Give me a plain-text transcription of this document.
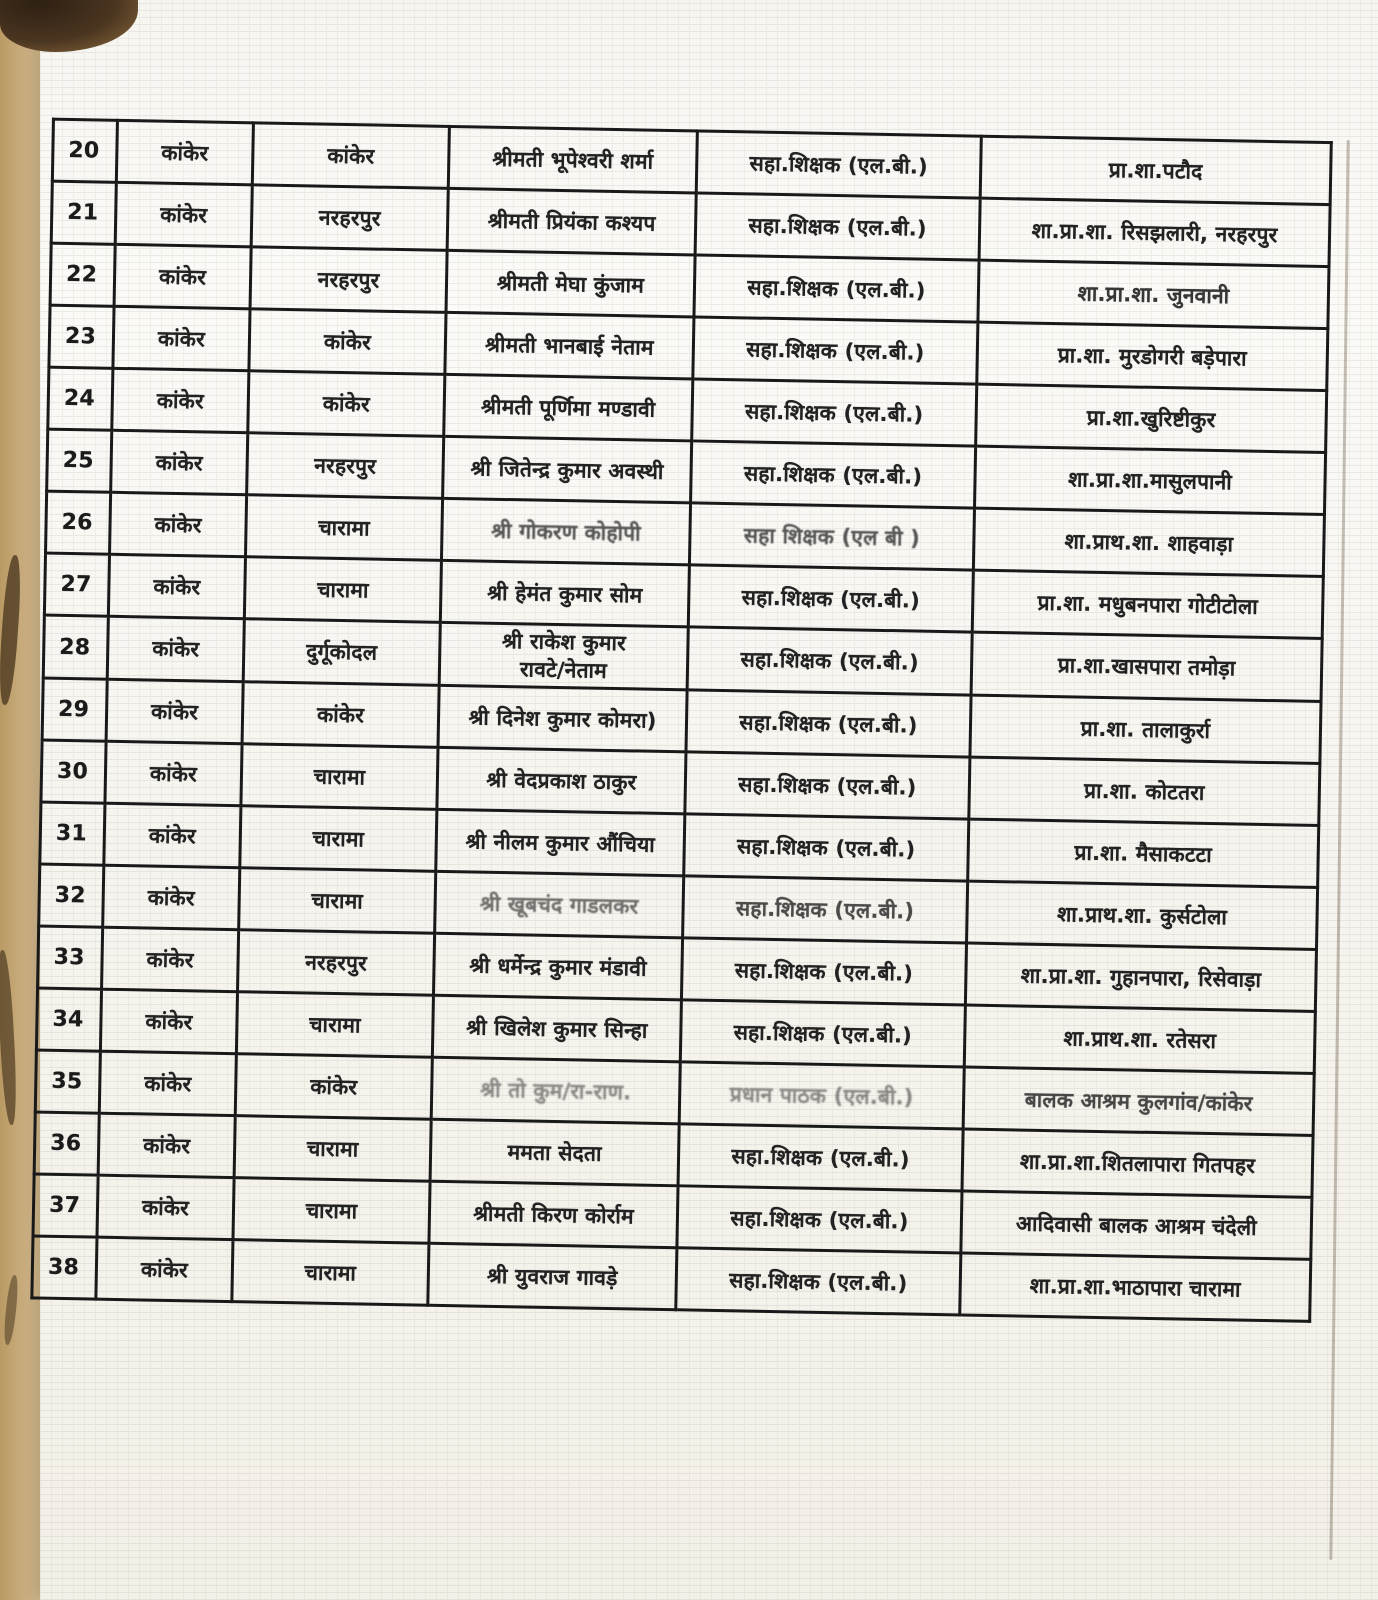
20	कांकेर	कांकेर	श्रीमती भूपेश्वरी शर्मा	सहा.शिक्षक (एल.बी.)	प्रा.शा.पटौद
21	कांकेर	नरहरपुर	श्रीमती प्रियंका कश्यप	सहा.शिक्षक (एल.बी.)	शा.प्रा.शा. रिसझलारी, नरहरपुर
22	कांकेर	नरहरपुर	श्रीमती मेघा कुंजाम	सहा.शिक्षक (एल.बी.)	शा.प्रा.शा. जुनवानी
23	कांकेर	कांकेर	श्रीमती भानबाई नेताम	सहा.शिक्षक (एल.बी.)	प्रा.शा. मुरडोगरी बड़ेपारा
24	कांकेर	कांकेर	श्रीमती पूर्णिमा मण्डावी	सहा.शिक्षक (एल.बी.)	प्रा.शा.खुरिष्टीकुर
25	कांकेर	नरहरपुर	श्री जितेन्द्र कुमार अवस्थी	सहा.शिक्षक (एल.बी.)	शा.प्रा.शा.मासुलपानी
26	कांकेर	चारामा	श्री गोकरण कोहोपी	सहा शिक्षक (एल बी )	शा.प्राथ.शा. शाहवाड़ा
27	कांकेर	चारामा	श्री हेमंत कुमार सोम	सहा.शिक्षक (एल.बी.)	प्रा.शा. मधुबनपारा गोटीटोला
28	कांकेर	दुर्गूकोदल	श्री राकेश कुमार
रावटे/नेताम	सहा.शिक्षक (एल.बी.)	प्रा.शा.खासपारा तमोड़ा
29	कांकेर	कांकेर	श्री दिनेश कुमार कोमरा)	सहा.शिक्षक (एल.बी.)	प्रा.शा. तालाकुर्रा
30	कांकेर	चारामा	श्री वेदप्रकाश ठाकुर	सहा.शिक्षक (एल.बी.)	प्रा.शा. कोटतरा
31	कांकेर	चारामा	श्री नीलम कुमार औंचिया	सहा.शिक्षक (एल.बी.)	प्रा.शा. मैसाकटटा
32	कांकेर	चारामा	श्री खूबचंद गाडलकर	सहा.शिक्षक (एल.बी.)	शा.प्राथ.शा. कुर्सटोला
33	कांकेर	नरहरपुर	श्री धर्मेन्द्र कुमार मंडावी	सहा.शिक्षक (एल.बी.)	शा.प्रा.शा. गुहानपारा, रिसेवाड़ा
34	कांकेर	चारामा	श्री खिलेश कुमार सिन्हा	सहा.शिक्षक (एल.बी.)	शा.प्राथ.शा. रतेसरा
35	कांकेर	कांकेर	श्री तो कुम/रा-राण.	प्रधान पाठक (एल.बी.)	बालक आश्रम कुलगांव/कांकेर
36	कांकेर	चारामा	ममता सेदता	सहा.शिक्षक (एल.बी.)	शा.प्रा.शा.शितलापारा गितपहर
37	कांकेर	चारामा	श्रीमती किरण कोर्राम	सहा.शिक्षक (एल.बी.)	आदिवासी बालक आश्रम चंदेली
38	कांकेर	चारामा	श्री युवराज गावड़े	सहा.शिक्षक (एल.बी.)	शा.प्रा.शा.भाठापारा चारामा
